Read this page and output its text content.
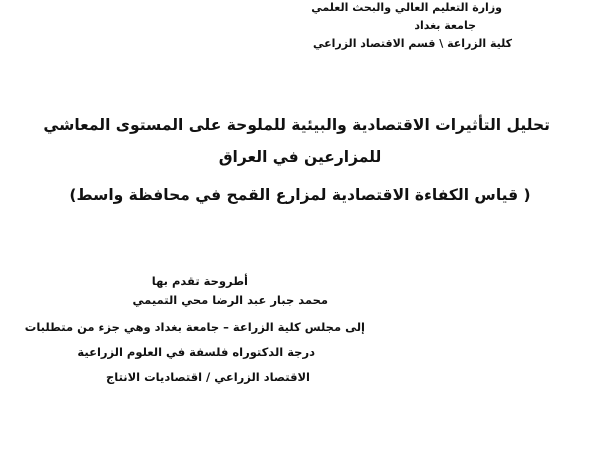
وزارة التعليم العالي والبحث العلمي
جامعة بغداد
كلية الزراعة \ قسم الاقتصاد الزراعي
تحليل التأثيرات الاقتصادية والبيئية للملوحة على المستوى المعاشي
للمزارعين في العراق
( قياس الكفاءة الاقتصادية لمزارع القمح في محافظة واسط)
أطروحة تقدم بها
محمد جبار عبد الرضا محي التميمي
إلى مجلس كلية الزراعة – جامعة بغداد وهي جزء من متطلبات
درجة الدكتوراه فلسفة في العلوم الزراعية
الاقتصاد الزراعي / اقتصاديات الانتاج
